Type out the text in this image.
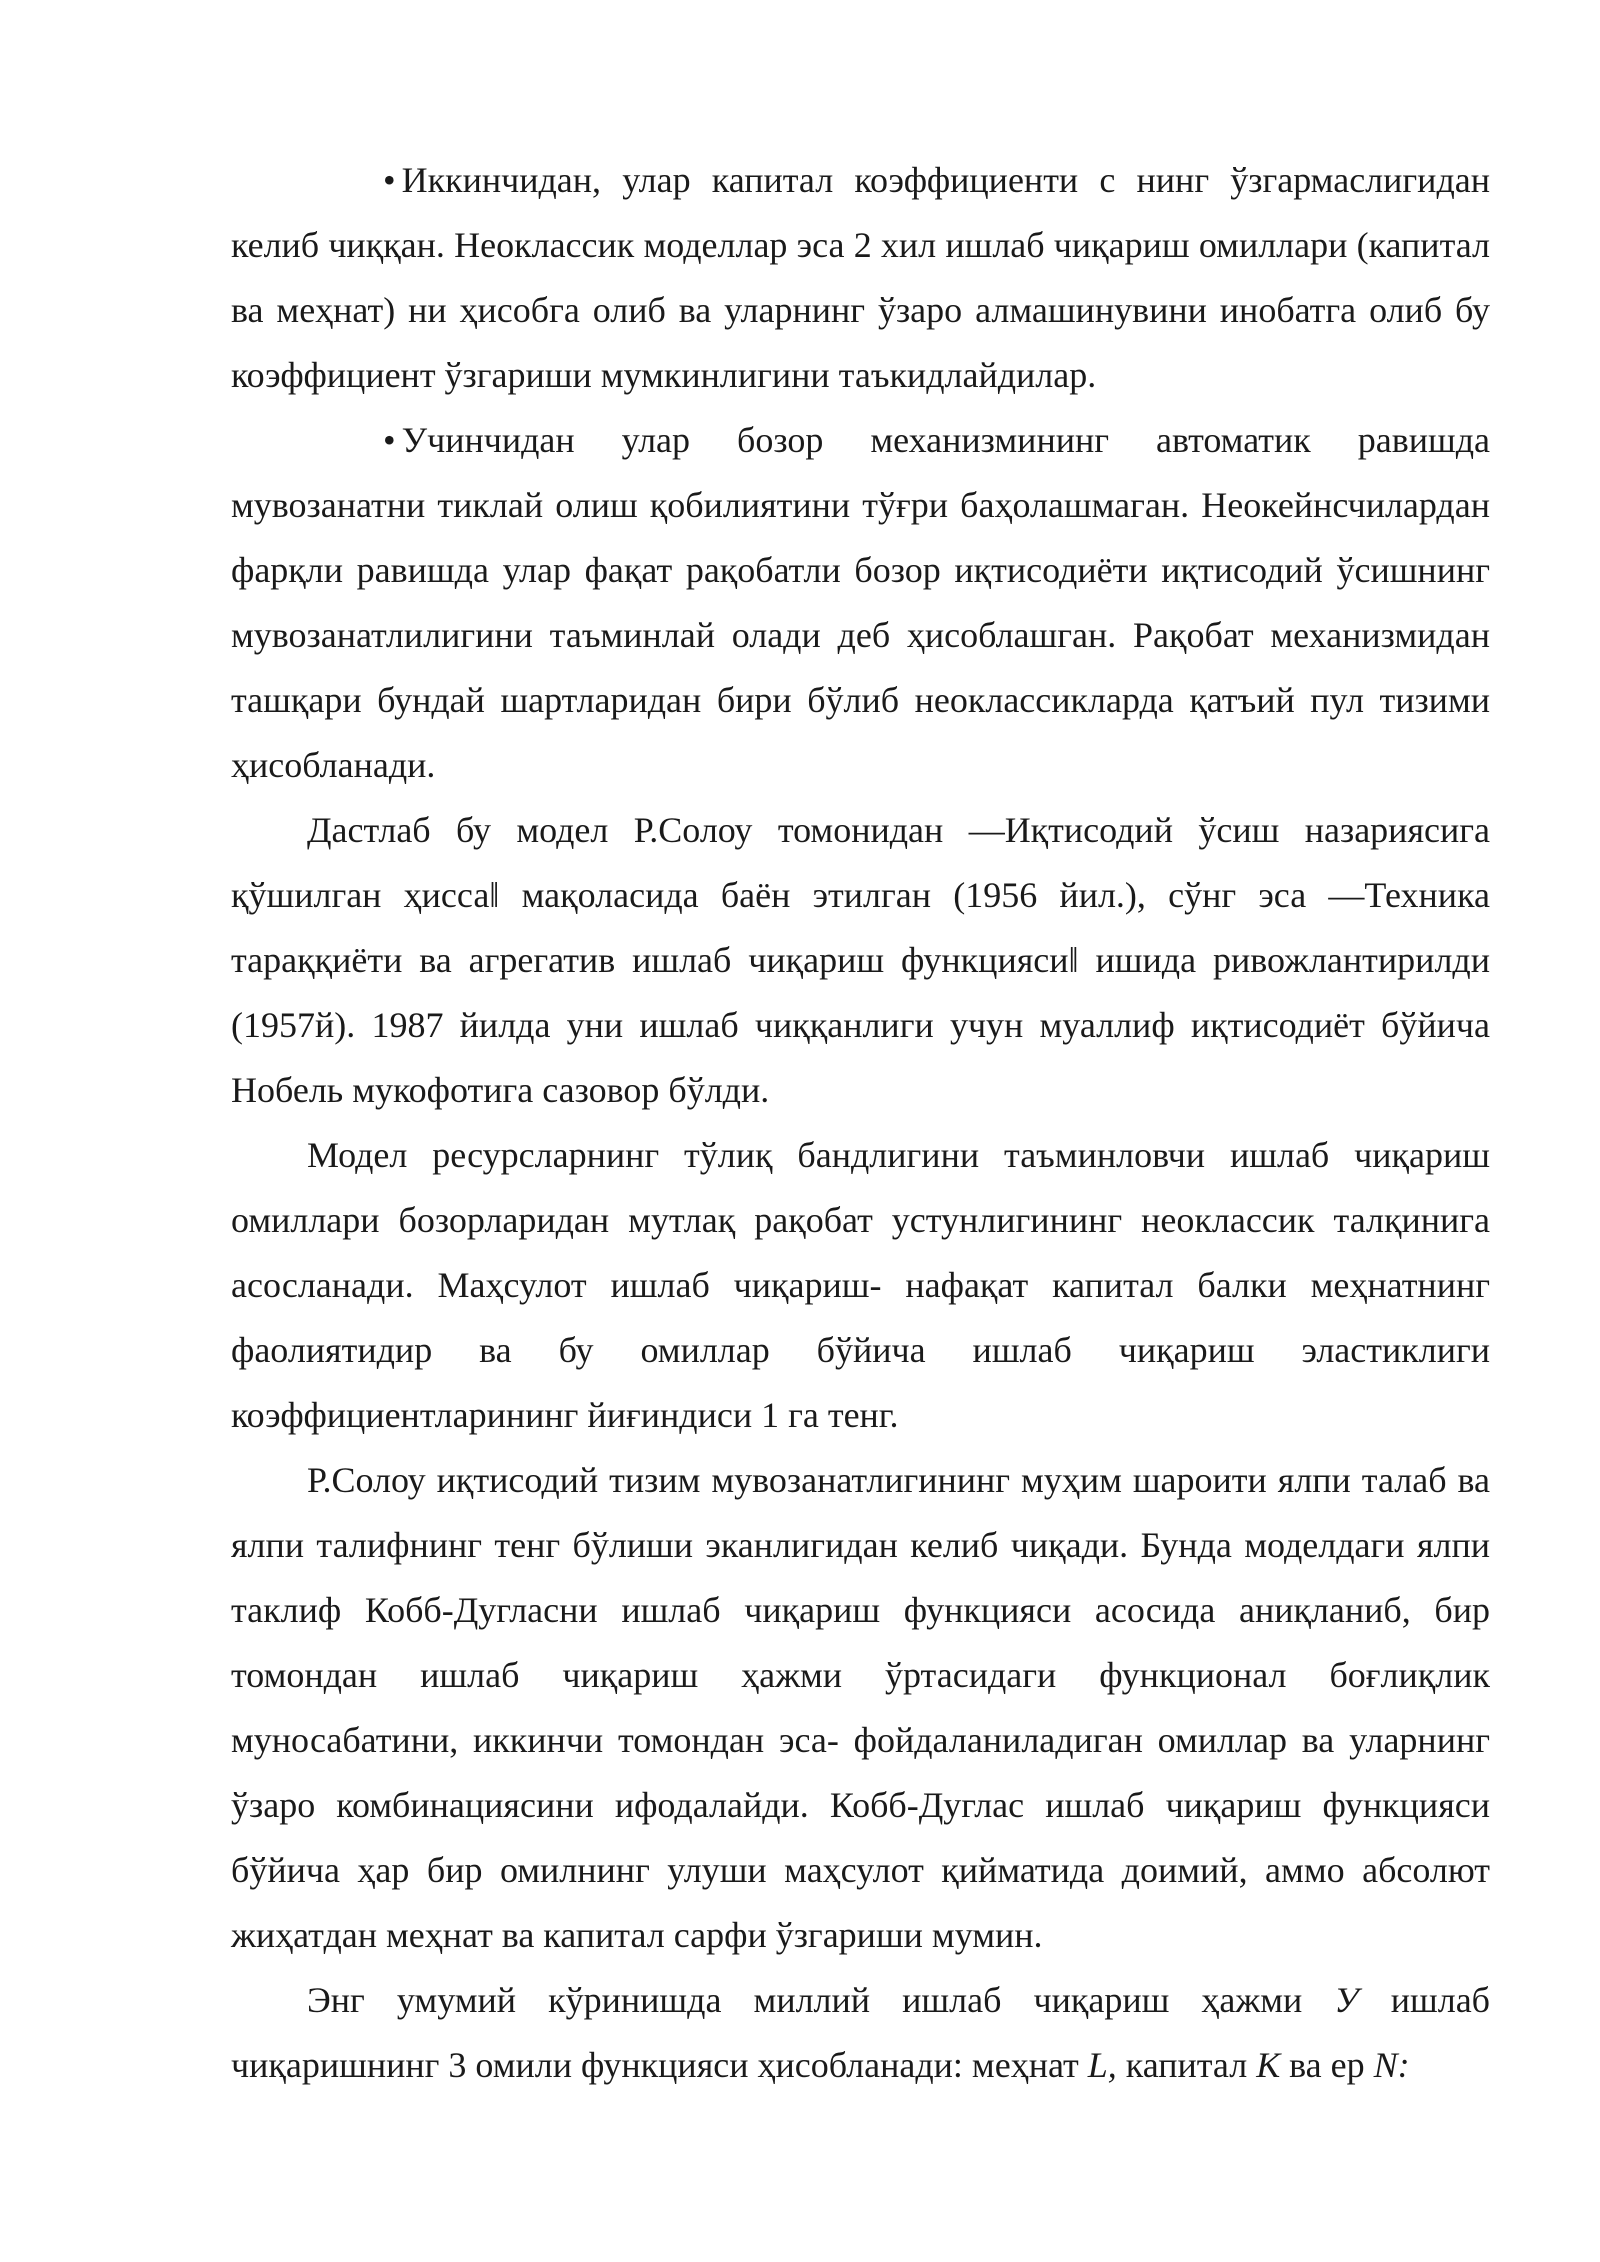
• Иккинчидан, улар капитал коэффициенти с нинг ўзгармаслигидан келиб чиққан. Неоклассик моделлар эса 2 хил ишлаб чиқариш омиллари (капитал ва меҳнат) ни ҳисобга олиб ва уларнинг ўзаро алмашинувини инобатга олиб бу коэффициент ўзгариши мумкинлигини таъкидлайдилар.

• Учинчидан улар бозор механизмининг автоматик равишда мувозанатни тиклай олиш қобилиятини тўғри баҳолашмаган. Неокейнсчилардан фарқли равишда улар фақат рақобатли бозор иқтисодиёти иқтисодий ўсишнинг мувозанатлилигини таъминлай олади деб ҳисоблашган. Рақобат механизмидан ташқари бундай шартларидан бири бўлиб неоклассикларда қатъий пул тизими ҳисобланади.

Дастлаб бу модел Р.Солоу томонидан ―Иқтисодий ўсиш назариясига қўшилган ҳисса‖ мақоласида баён этилган (1956 йил.), сўнг эса ―Техника тараққиёти ва агрегатив ишлаб чиқариш функцияси‖ ишида ривожлантирилди (1957й). 1987 йилда уни ишлаб чиққанлиги учун муаллиф иқтисодиёт бўйича Нобель мукофотига сазовор бўлди.

Модел ресурсларнинг тўлиқ бандлигини таъминловчи ишлаб чиқариш омиллари бозорларидан мутлақ рақобат устунлигининг неоклассик талқинига асосланади. Маҳсулот ишлаб чиқариш- нафақат капитал балки меҳнатнинг фаолиятидир ва бу омиллар бўйича ишлаб чиқариш эластиклиги коэффициентларининг йиғиндиси 1 га тенг.

Р.Солоу иқтисодий тизим мувозанатлигининг муҳим шароити ялпи талаб ва ялпи талифнинг тенг бўлиши эканлигидан келиб чиқади. Бунда моделдаги ялпи таклиф Кобб-Дугласни ишлаб чиқариш функцияси асосида аниқланиб, бир томондан ишлаб чиқариш ҳажми ўртасидаги функционал боғлиқлик муносабатини, иккинчи томондан эса- фойдаланиладиган омиллар ва уларнинг ўзаро комбинациясини ифодалайди. Кобб-Дуглас ишлаб чиқариш функцияси бўйича ҳар бир омилнинг улуши маҳсулот қийматида доимий, аммо абсолют жиҳатдан меҳнат ва капитал сарфи ўзгариши мумин.

Энг умумий кўринишда миллий ишлаб чиқариш ҳажми У ишлаб чиқаришнинг 3 омили функцияси ҳисобланади: меҳнат L, капитал К ва ер N:
